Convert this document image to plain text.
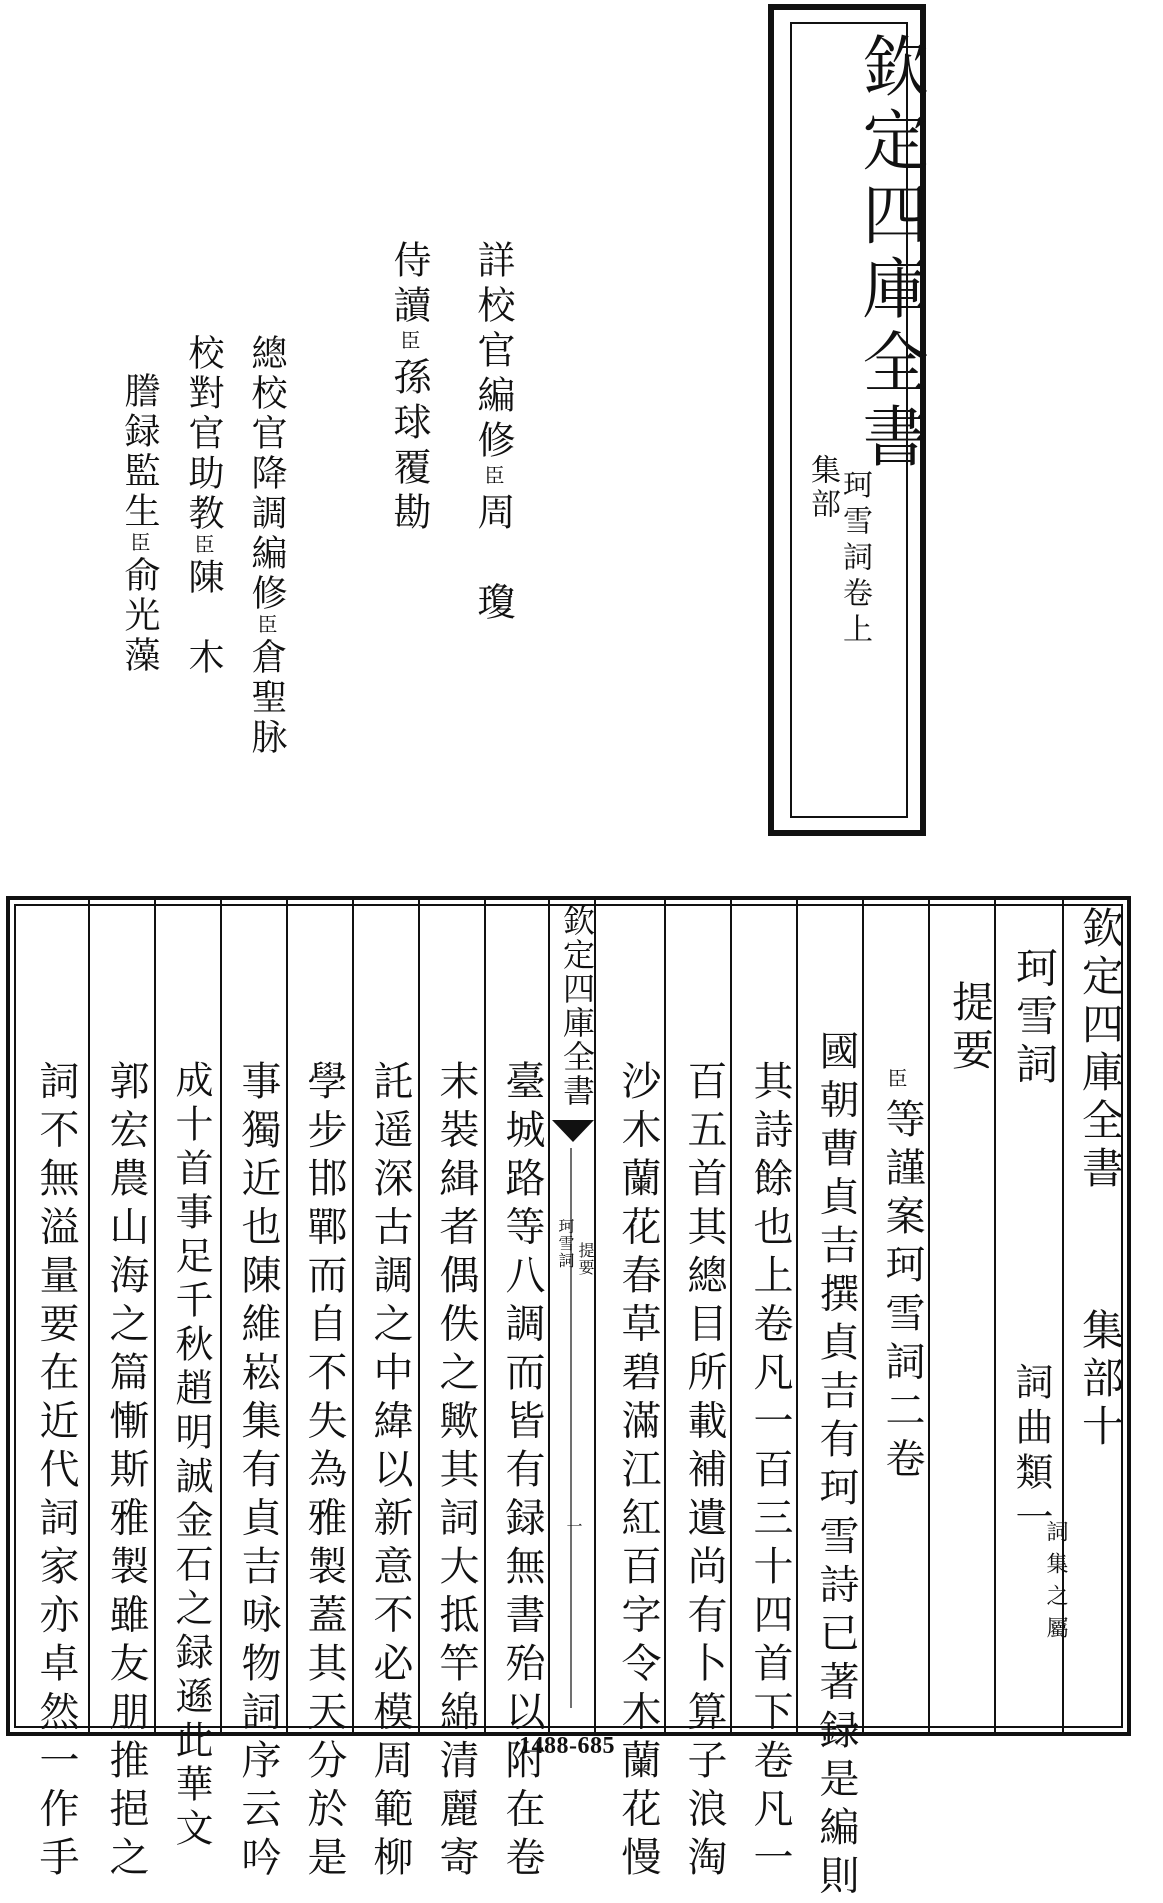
欽定四庫全書
集部
珂雪詞卷上
詳校官編修臣周　瓊
侍讀臣孫球覆勘
總校官降調編修臣倉聖脉
校對官助教臣陳　木
謄録監生臣俞光藻
欽定四庫全書
集部十
珂雪詞
詞曲類一
詞集之屬
提要
臣
等謹案珂雪詞二卷
國朝曹貞吉撰貞吉有珂雪詩已著録是編則
其詩餘也上卷凡一百三十四首下卷凡一
百五首其總目所載補遺尚有卜算子浪淘
沙木蘭花春草碧滿江紅百字令木蘭花慢
欽定四庫全書
珂雪詞 提要
一
臺城路等八調而皆有録無書殆以附在卷
末裝緝者偶佚之歟其詞大抵竿綿清麗寄
託遥深古調之中緯以新意不必模周範柳
學步邯鄲而自不失為雅製蓋其天分於是
事獨近也陳維崧集有貞吉咏物詞序云吟
成十首事足千秋趙明誠金石之録遜此華文
郭宏農山海之篇慚斯雅製雖友朋推挹之
詞不無溢量要在近代詞家亦卓然一作手	1488-685
